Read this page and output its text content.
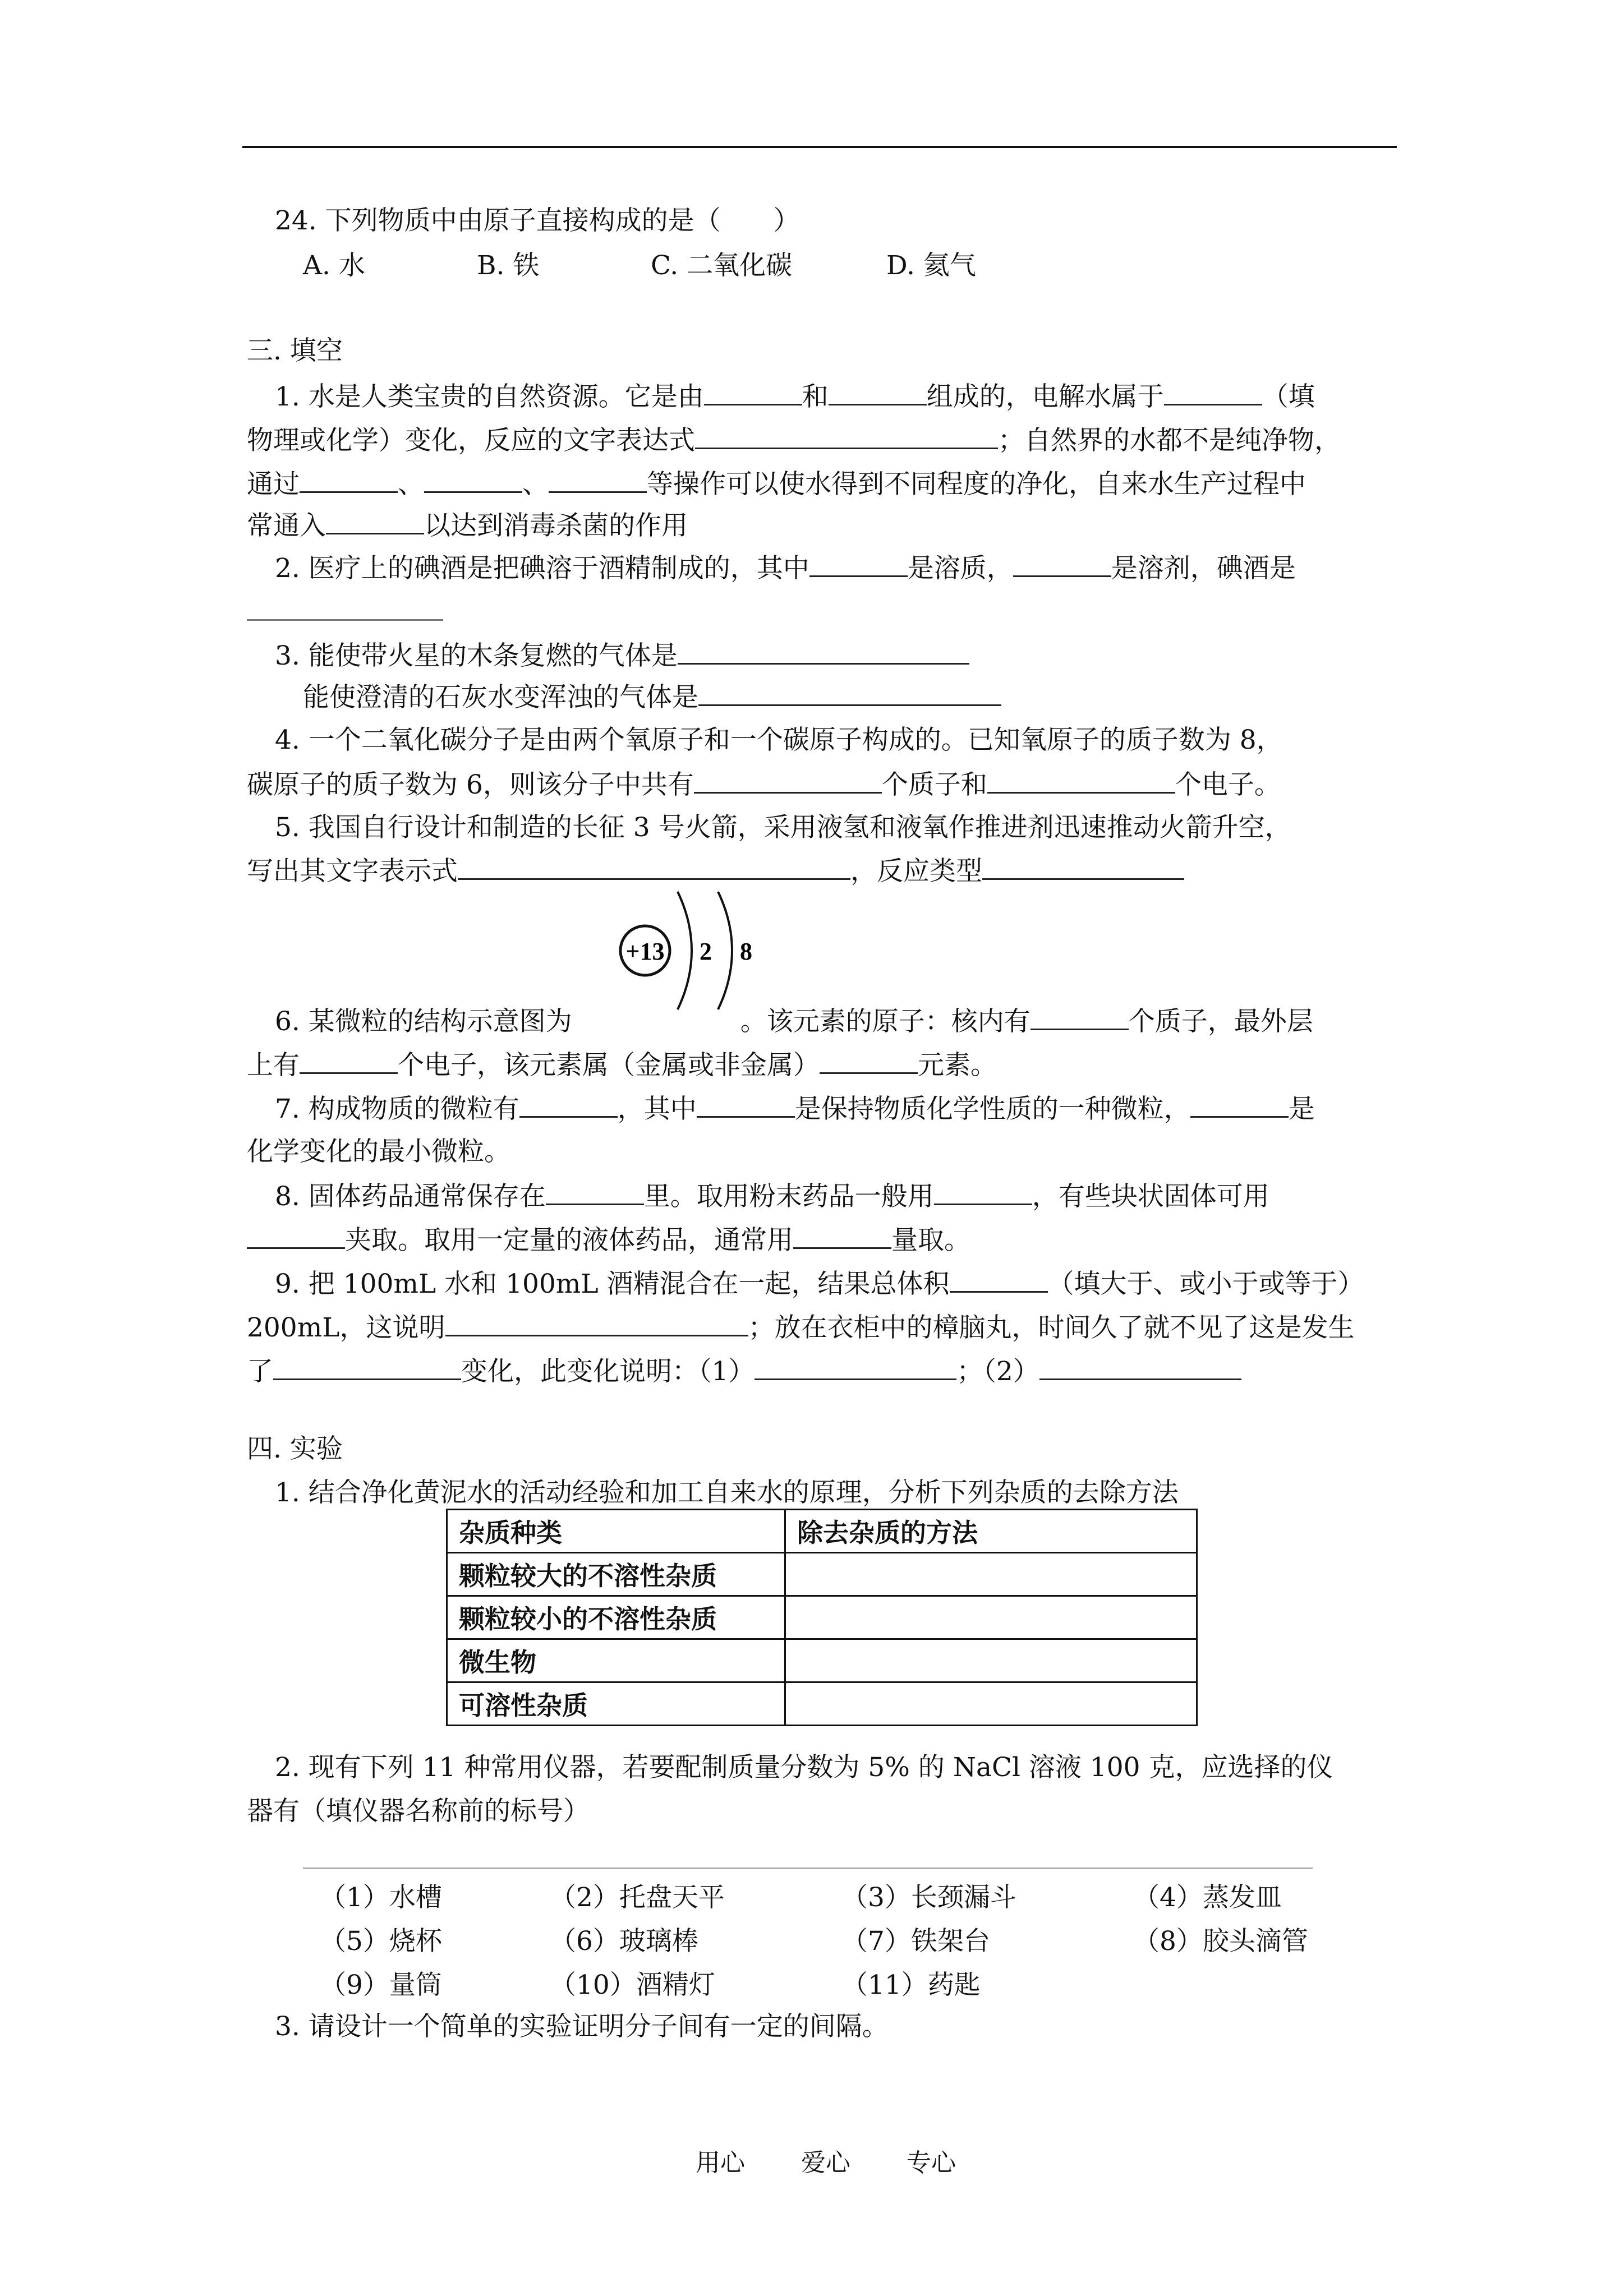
24. 下列物质中由原子直接构成的是（　　）
A. 水	B. 铁	C. 二氧化碳	D. 氦气
三. 填空
1. 水是人类宝贵的自然资源。它是由	和	组成的，电解水属于	（填
物理或化学）变化，反应的文字表达式	；自然界的水都不是纯净物，
通过	、	、	等操作可以使水得到不同程度的净化，自来水生产过程中
常通入	以达到消毒杀菌的作用
2. 医疗上的碘酒是把碘溶于酒精制成的，其中	是溶质，	是溶剂，碘酒是
3. 能使带火星的木条复燃的气体是
能使澄清的石灰水变浑浊的气体是
4. 一个二氧化碳分子是由两个氧原子和一个碳原子构成的。已知氧原子的质子数为 8，
碳原子的质子数为 6，则该分子中共有	个质子和	个电子。
5. 我国自行设计和制造的长征 3 号火箭，采用液氢和液氧作推进剂迅速推动火箭升空，
写出其文字表示式	，反应类型
+13 2 8
6. 某微粒的结构示意图为	。该元素的原子：核内有	个质子，最外层
上有	个电子，该元素属（金属或非金属）	元素。
7. 构成物质的微粒有	，其中	是保持物质化学性质的一种微粒，	是
化学变化的最小微粒。
8. 固体药品通常保存在	里。取用粉末药品一般用	，有些块状固体可用
夹取。取用一定量的液体药品，通常用	量取。
9. 把 100mL 水和 100mL 酒精混合在一起，结果总体积	（填大于、或小于或等于）
200mL，这说明	；放在衣柜中的樟脑丸，时间久了就不见了这是发生
了	变化，此变化说明：（1）	；（2）
四. 实验
1. 结合净化黄泥水的活动经验和加工自来水的原理，分析下列杂质的去除方法
杂质种类	除去杂质的方法
颗粒较大的不溶性杂质	
颗粒较小的不溶性杂质	
微生物	
可溶性杂质	
2. 现有下列 11 种常用仪器，若要配制质量分数为 5% 的 NaCl 溶液 100 克，应选择的仪
器有（填仪器名称前的标号）
（1）水槽	（2）托盘天平	（3）长颈漏斗	（4）蒸发皿
（5）烧杯	（6）玻璃棒	（7）铁架台	（8）胶头滴管
（9）量筒	（10）酒精灯	（11）药匙
3. 请设计一个简单的实验证明分子间有一定的间隔。
用心 爱心 专心
